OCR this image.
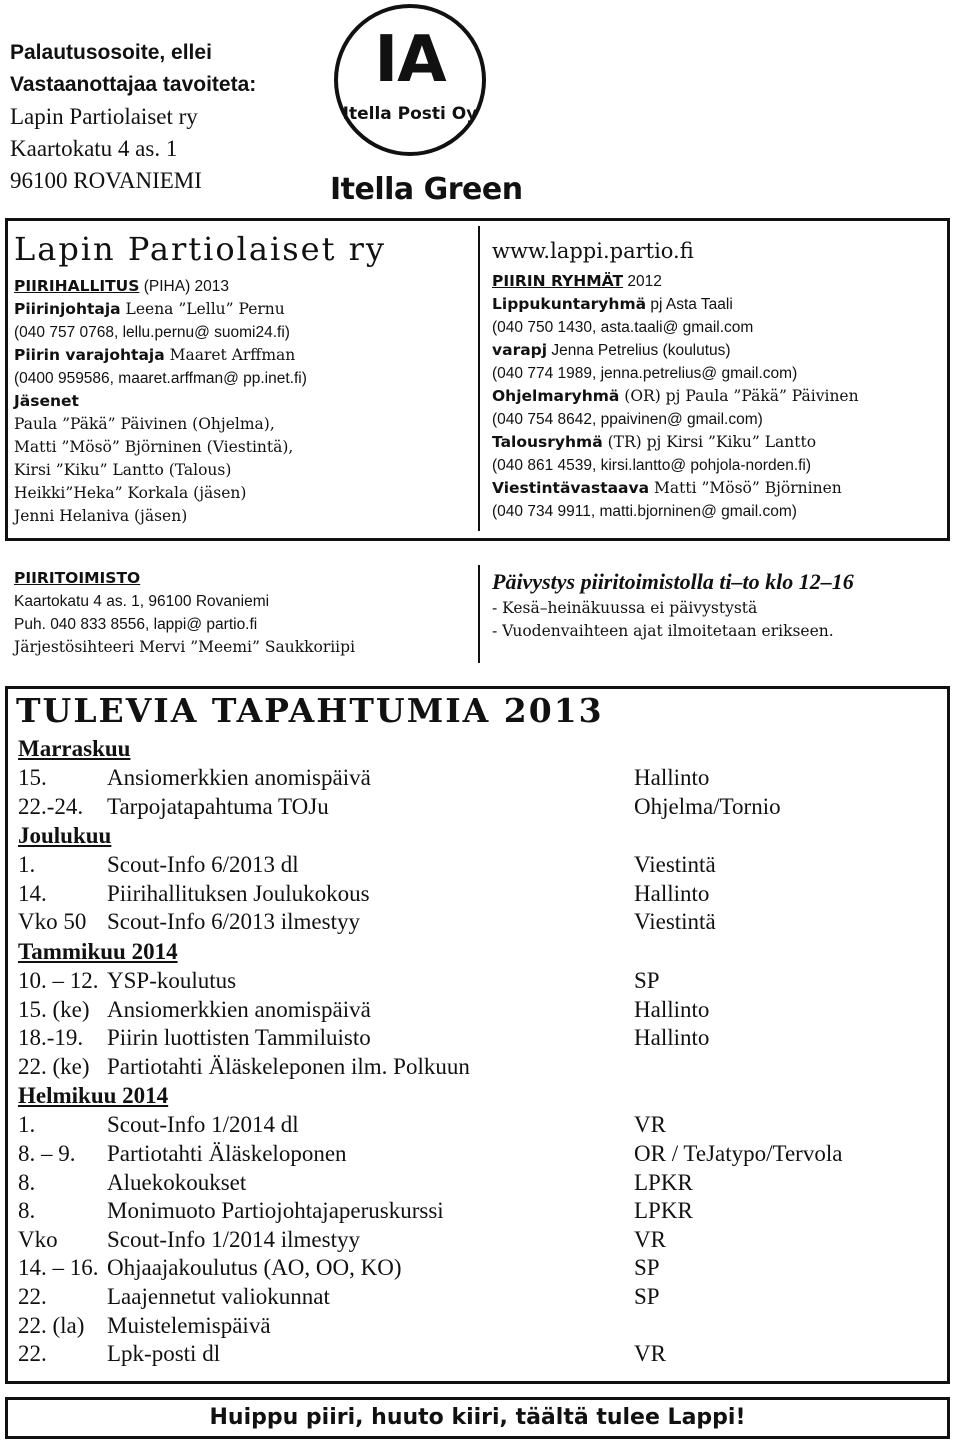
Palautusosoite, ellei
Vastaanottajaa tavoiteta:
Lapin Partiolaiset ry
Kaartokatu 4 as. 1
96100 ROVANIEMI
IA
Itella Posti Oy
Itella Green
Lapin Partiolaiset ry
PIIRIHALLITUS (PIHA) 2013
Piirinjohtaja Leena ”Lellu” Pernu
(040 757 0768, lellu.pernu@ suomi24.fi)
Piirin varajohtaja Maaret Arffman
(0400 959586, maaret.arffman@ pp.inet.fi)
Jäsenet
Paula ”Päkä” Päivinen (Ohjelma),
Matti ”Mösö” Björninen (Viestintä),
Kirsi ”Kiku” Lantto (Talous)
Heikki”Heka” Korkala (jäsen)
Jenni Helaniva (jäsen)
www.lappi.partio.fi
PIIRIN RYHMÄT 2012
Lippukuntaryhmä pj Asta Taali
(040 750 1430, asta.taali@ gmail.com
varapj Jenna Petrelius (koulutus)
(040 774 1989, jenna.petrelius@ gmail.com)
Ohjelmaryhmä (OR) pj Paula ”Päkä” Päivinen
(040 754 8642, ppaivinen@ gmail.com)
Talousryhmä (TR) pj Kirsi ”Kiku” Lantto
(040 861 4539, kirsi.lantto@ pohjola-norden.fi)
Viestintävastaava Matti ”Mösö” Björninen
(040 734 9911, matti.bjorninen@ gmail.com)
PIIRITOIMISTO
Kaartokatu 4 as. 1, 96100 Rovaniemi
Puh. 040 833 8556, lappi@ partio.fi
Järjestösihteeri Mervi ”Meemi” Saukkoriipi
Päivystys piiritoimistolla ti–to klo 12–16
- Kesä–heinäkuussa ei päivystystä
- Vuodenvaihteen ajat ilmoitetaan erikseen.
TULEVIA TAPAHTUMIA 2013
Marraskuu
15.	Ansiomerkkien anomispäivä	Hallinto
22.-24. Tarpojatapahtuma TOJu	Ohjelma/Tornio
Joulukuu
1.	Scout-Info 6/2013 dl	Viestintä
14.	Piirihallituksen Joulukokous	Hallinto
Vko 50 Scout-Info 6/2013 ilmestyy	Viestintä
Tammikuu 2014
10. – 12. YSP-koulutus	SP
15. (ke) Ansiomerkkien anomispäivä	Hallinto
18.-19. Piirin luottisten Tammiluisto	Hallinto
22. (ke) Partiotahti Äläskeleponen ilm. Polkuun
Helmikuu 2014
1.	Scout-Info 1/2014 dl	VR
8. – 9. Partiotahti Äläskeloponen	OR / TeJatypo/Tervola
8.	Aluekokoukset	LPKR
8.	Monimuoto Partiojohtajaperuskurssi	LPKR
Vko Scout-Info 1/2014 ilmestyy	VR
14. – 16. Ohjaajakoulutus (AO, OO, KO)	SP
22.	Laajennetut valiokunnat	SP
22. (la) Muistelemispäivä
22.	Lpk-posti dl	VR
Huippu piiri, huuto kiiri, täältä tulee Lappi!
